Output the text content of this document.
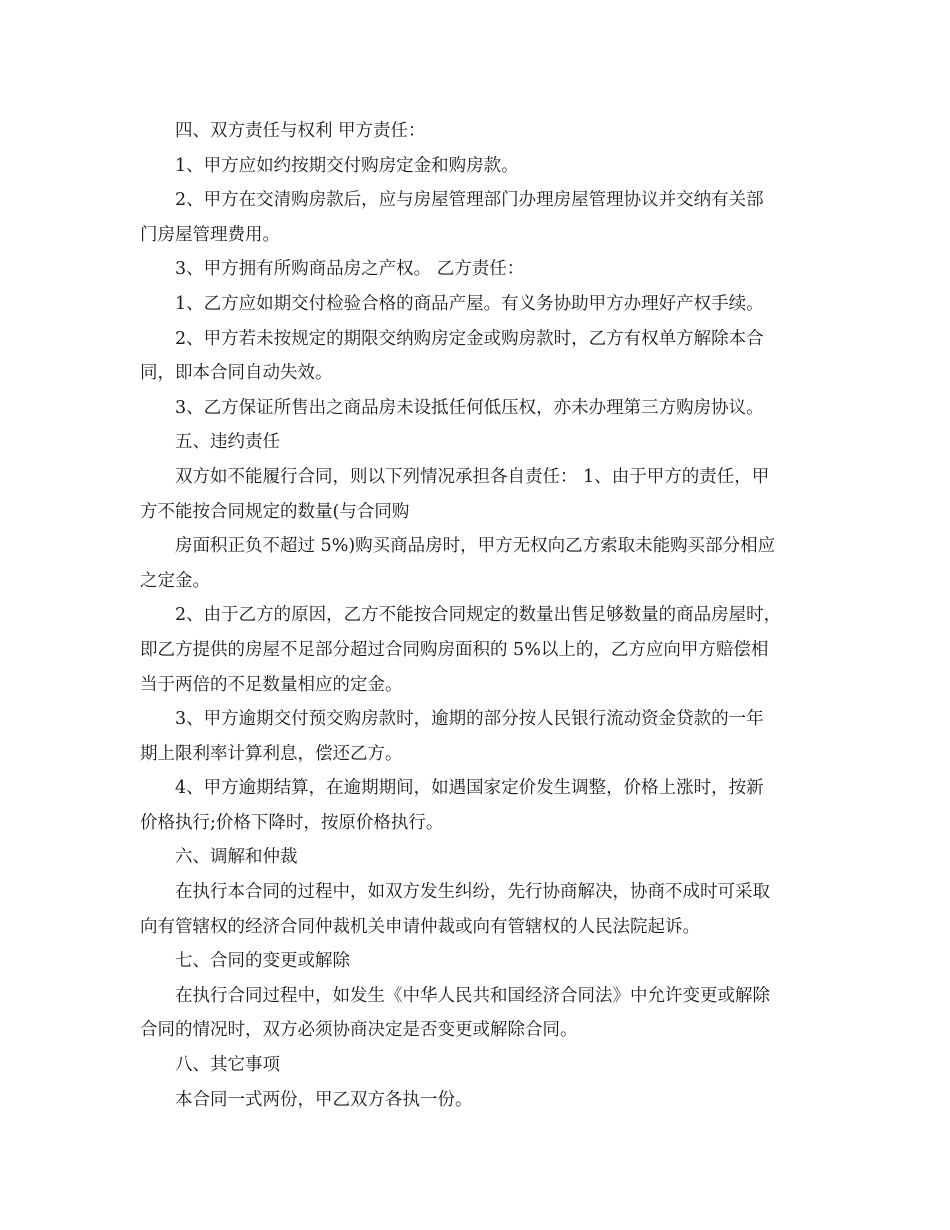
四、双方责任与权利 甲方责任：

1、甲方应如约按期交付购房定金和购房款。

2、甲方在交清购房款后，应与房屋管理部门办理房屋管理协议并交纳有关部

门房屋管理费用。

3、甲方拥有所购商品房之产权。 乙方责任：

1、乙方应如期交付检验合格的商品产屋。有义务协助甲方办理好产权手续。

2、甲方若未按规定的期限交纳购房定金或购房款时，乙方有权单方解除本合

同，即本合同自动失效。

3、乙方保证所售出之商品房未设抵任何低压权，亦未办理第三方购房协议。

五、违约责任

双方如不能履行合同，则以下列情况承担各自责任： 1、由于甲方的责任，甲

方不能按合同规定的数量(与合同购

房面积正负不超过 5%)购买商品房时，甲方无权向乙方索取未能购买部分相应

之定金。

2、由于乙方的原因，乙方不能按合同规定的数量出售足够数量的商品房屋时，

即乙方提供的房屋不足部分超过合同购房面积的 5%以上的，乙方应向甲方赔偿相

当于两倍的不足数量相应的定金。

3、甲方逾期交付预交购房款时，逾期的部分按人民银行流动资金贷款的一年

期上限利率计算利息，偿还乙方。

4、甲方逾期结算，在逾期期间，如遇国家定价发生调整，价格上涨时，按新

价格执行;价格下降时，按原价格执行。

六、调解和仲裁

在执行本合同的过程中，如双方发生纠纷，先行协商解决，协商不成时可采取

向有管辖权的经济合同仲裁机关申请仲裁或向有管辖权的人民法院起诉。

七、合同的变更或解除

在执行合同过程中，如发生《中华人民共和国经济合同法》中允许变更或解除

合同的情况时，双方必须协商决定是否变更或解除合同。

八、其它事项

本合同一式两份，甲乙双方各执一份。
